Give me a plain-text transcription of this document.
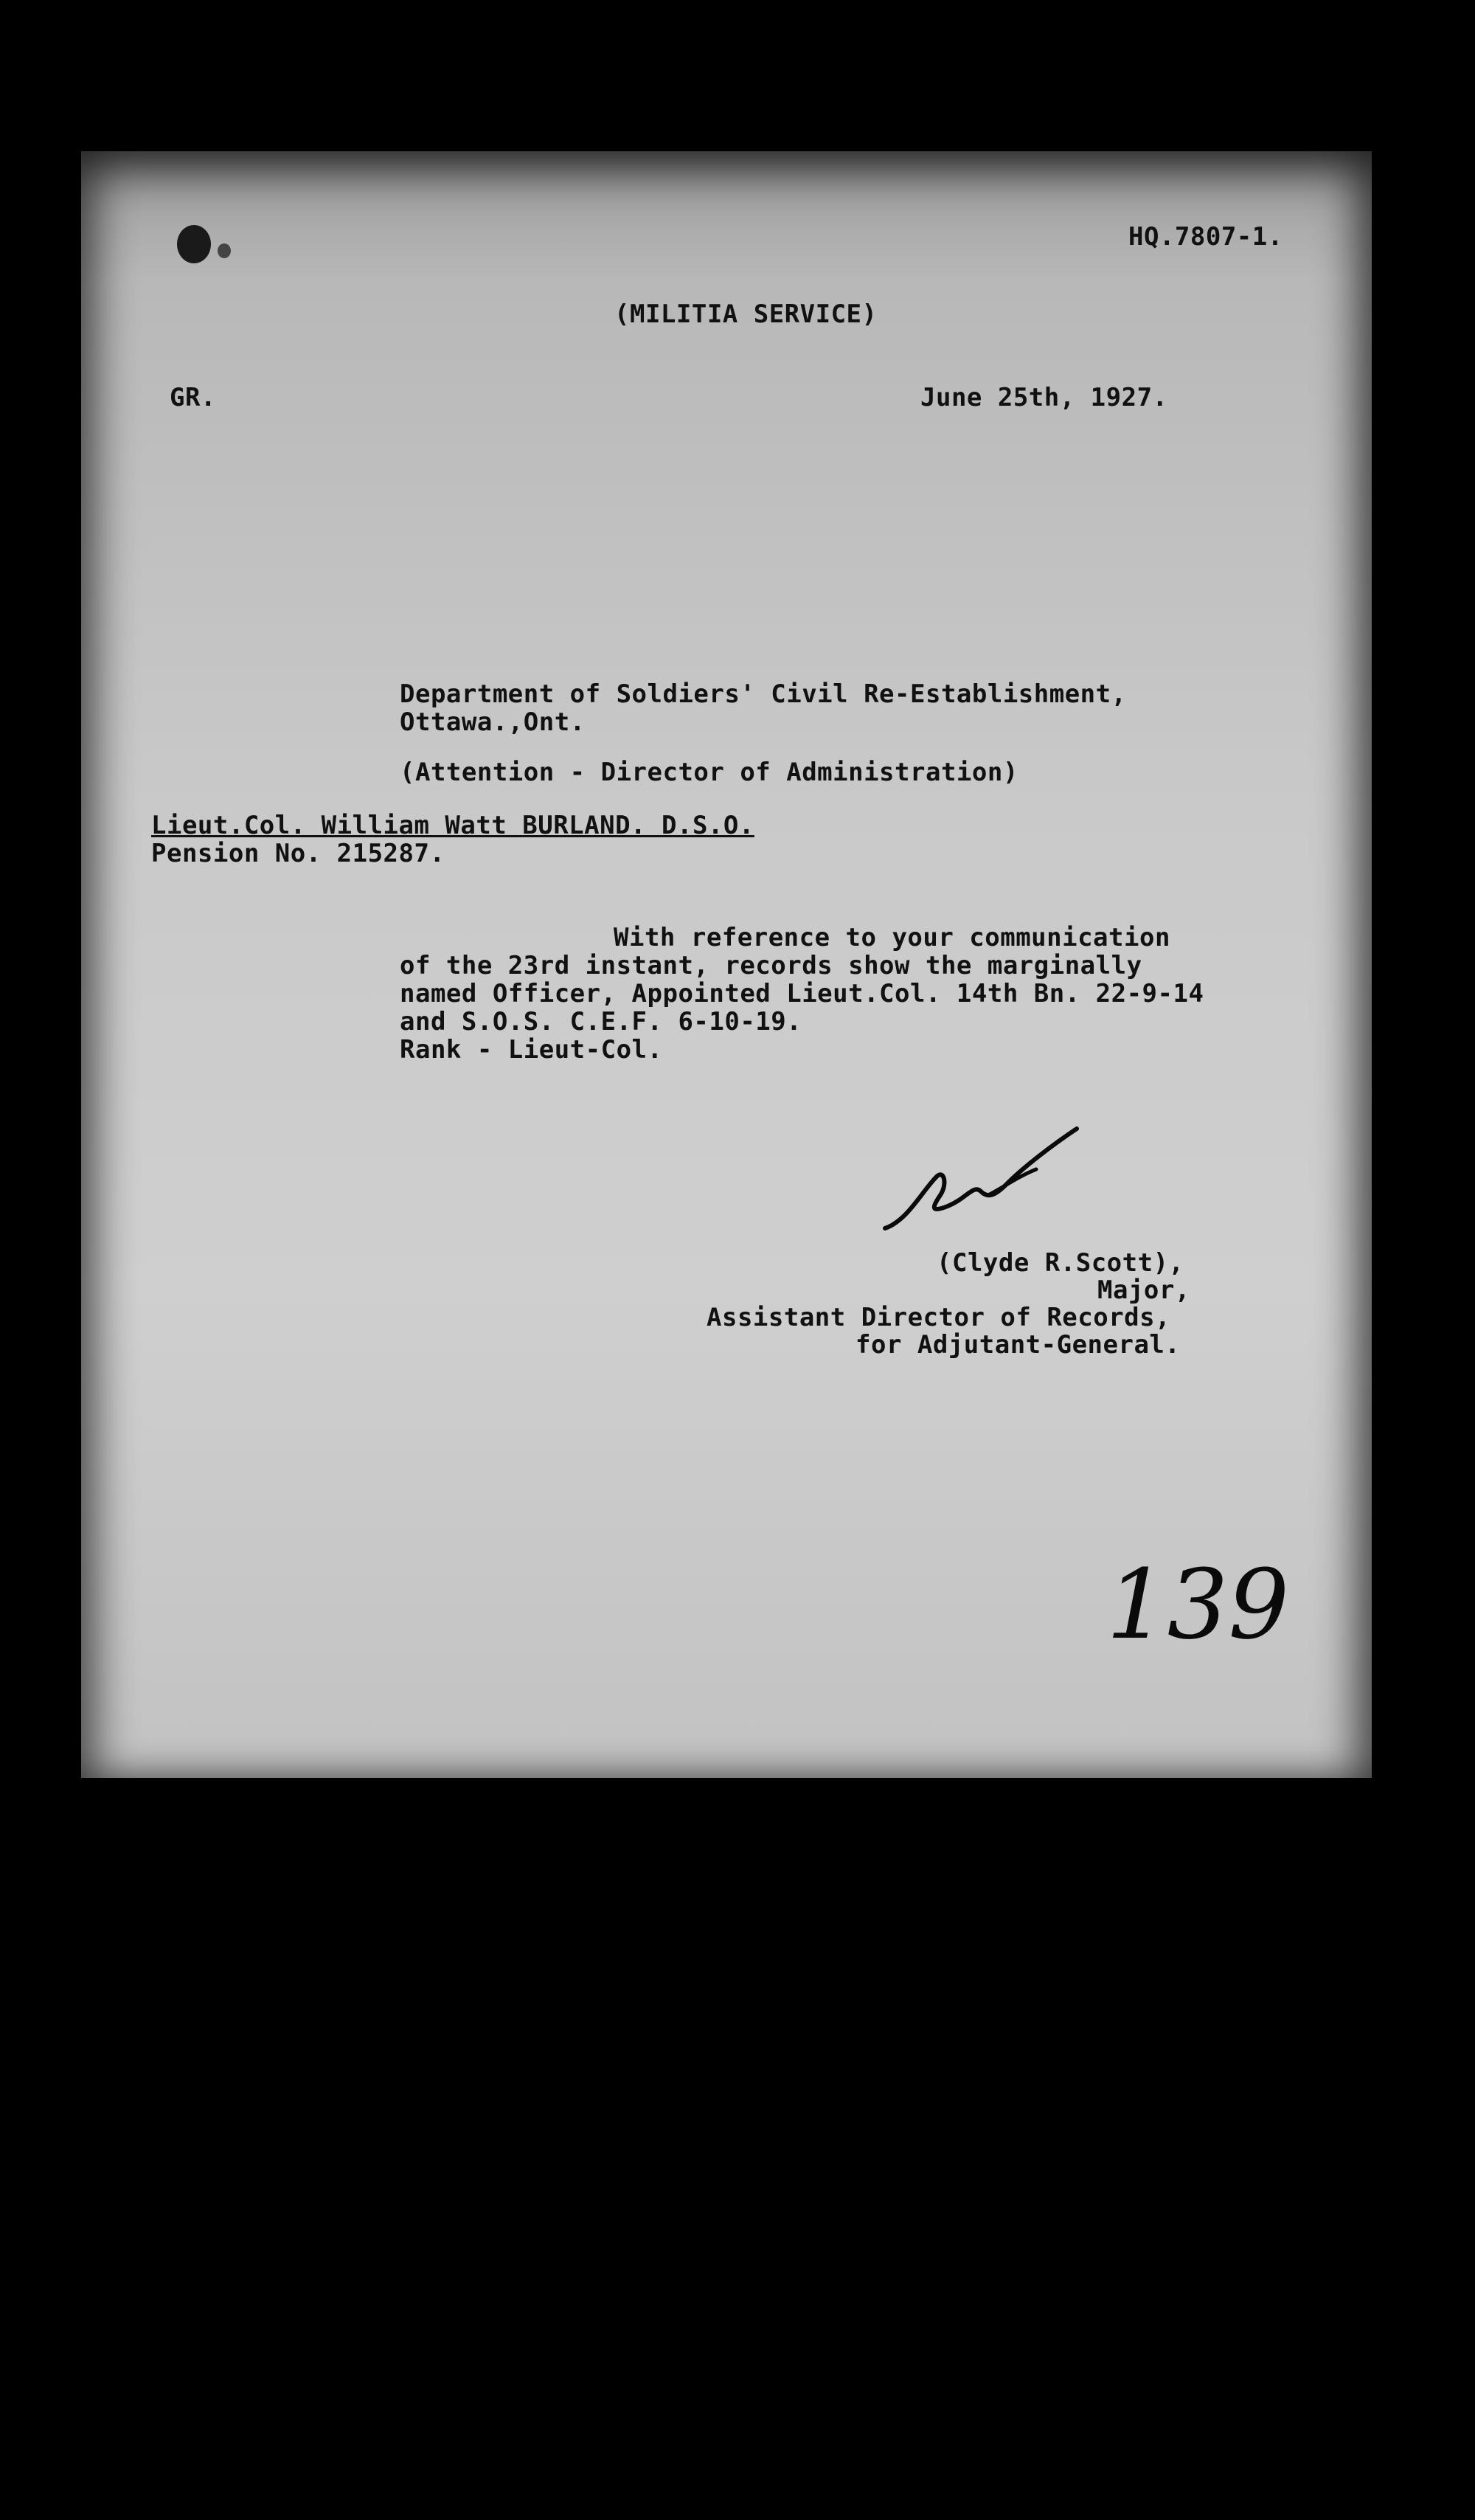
HQ.7807-1.
(MILITIA SERVICE)
GR.	June 25th, 1927.
Department of Soldiers' Civil Re-Establishment,
Ottawa.,Ont.
(Attention - Director of Administration)
Lieut.Col. William Watt BURLAND. D.S.O.
Pension No. 215287.
With reference to your communication
of the 23rd instant, records show the marginally
named Officer, Appointed Lieut.Col. 14th Bn. 22-9-14
and S.O.S. C.E.F. 6-10-19.
Rank - Lieut-Col.
(Clyde R.Scott),
Major,
Assistant Director of Records,
for Adjutant-General.
139
